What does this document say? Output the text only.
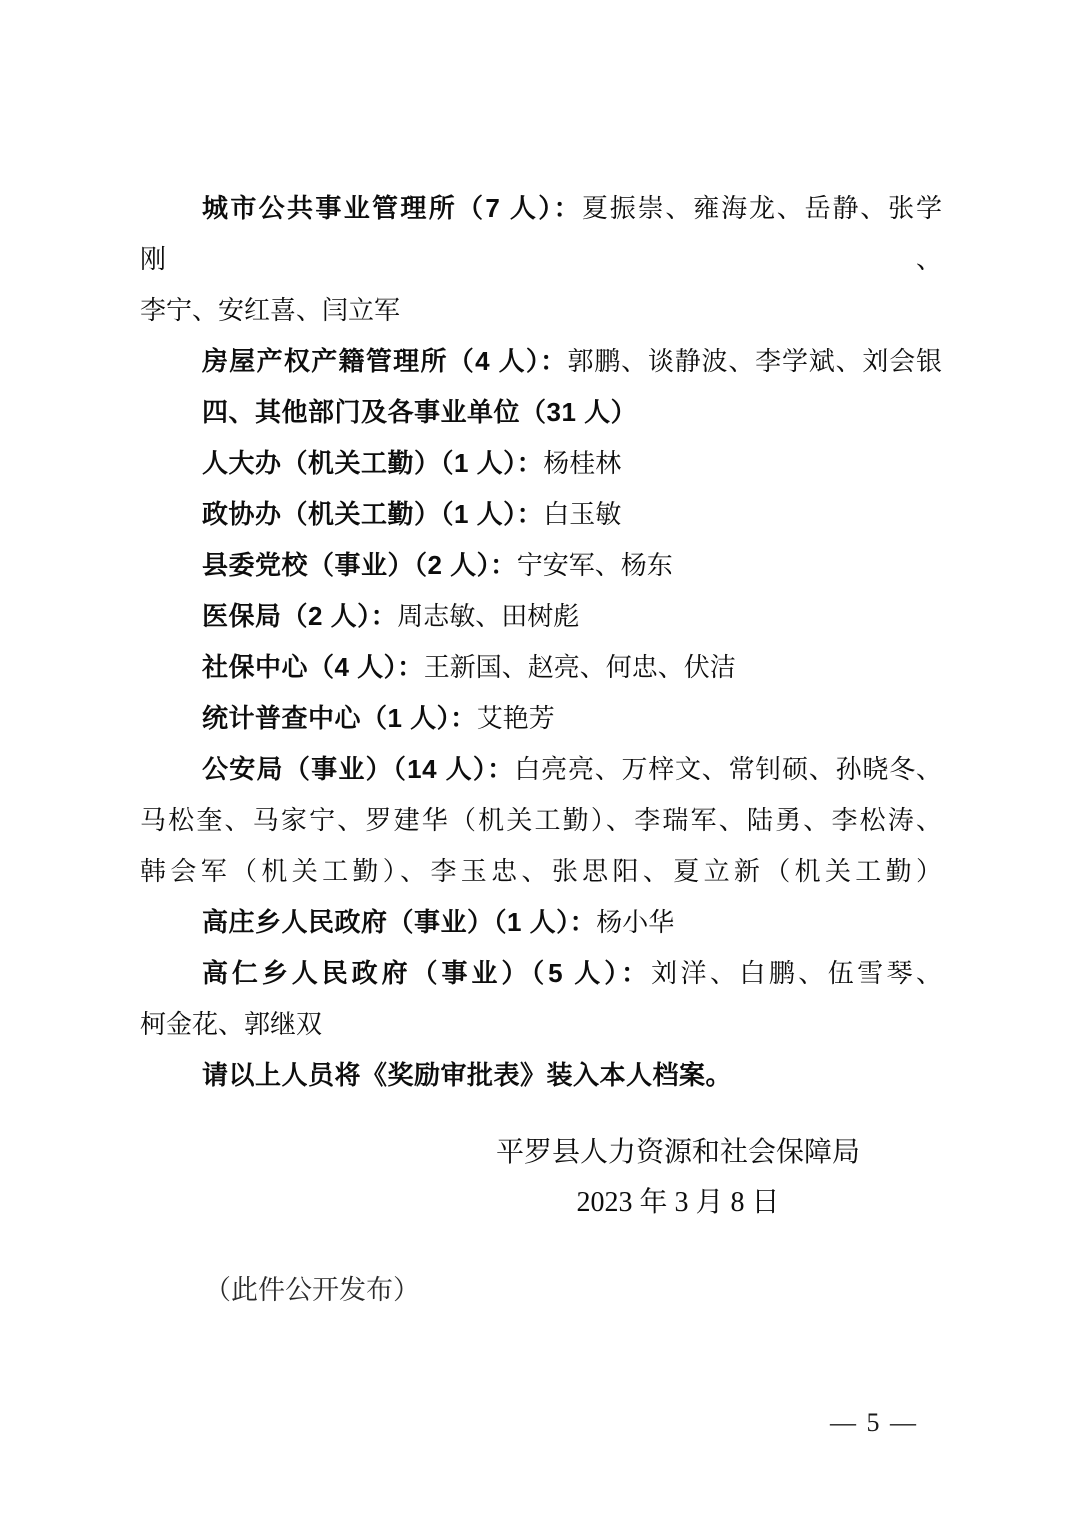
城市公共事业管理所（7 人）：夏振崇、雍海龙、岳静、张学刚、
李宁、安红喜、闫立军
房屋产权产籍管理所（4 人）：郭鹏、谈静波、李学斌、刘会银
四、其他部门及各事业单位（31 人）
人大办（机关工勤）（1 人）：杨桂林
政协办（机关工勤）（1 人）：白玉敏
县委党校（事业）（2 人）：宁安军、杨东
医保局（2 人）：周志敏、田树彪
社保中心（4 人）：王新国、赵亮、何忠、伏洁
统计普查中心（1 人）：艾艳芳
公安局（事业）（14 人）：白亮亮、万梓文、常钊硕、孙晓冬、
马松奎、马家宁、罗建华（机关工勤）、李瑞军、陆勇、李松涛、
韩会军（机关工勤）、李玉忠、张思阳、夏立新（机关工勤）
高庄乡人民政府（事业）（1 人）：杨小华
高仁乡人民政府（事业）（5 人）：刘洋、白鹏、伍雪琴、
柯金花、郭继双
请以上人员将《奖励审批表》装入本人档案。
平罗县人力资源和社会保障局
2023 年 3 月 8 日
（此件公开发布）
— 5 —
